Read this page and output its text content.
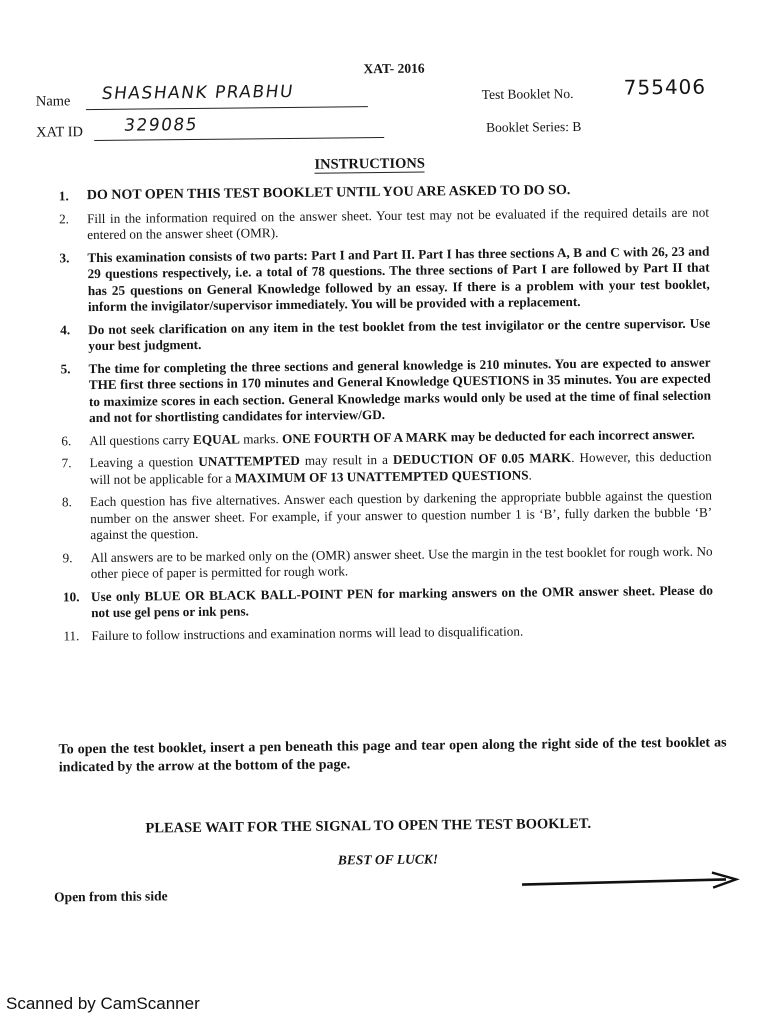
XAT- 2016
Name SHASHANK PRABHU
XAT ID 329085
Test Booklet No.	755406
Booklet Series: B
INSTRUCTIONS
1.	DO NOT OPEN THIS TEST BOOKLET UNTIL YOU ARE ASKED TO DO SO.
2.	Fill in the information required on the answer sheet. Your test may not be evaluated if the required details are not entered on the answer sheet (OMR).
3.	This examination consists of two parts: Part I and Part II. Part I has three sections A, B and C with 26, 23 and 29 questions respectively, i.e. a total of 78 questions. The three sections of Part I are followed by Part II that has 25 questions on General Knowledge followed by an essay. If there is a problem with your test booklet, inform the invigilator/supervisor immediately. You will be provided with a replacement.
4.	Do not seek clarification on any item in the test booklet from the test invigilator or the centre supervisor. Use your best judgment.
5.	The time for completing the three sections and general knowledge is 210 minutes. You are expected to answer THE first three sections in 170 minutes and General Knowledge QUESTIONS in 35 minutes. You are expected to maximize scores in each section. General Knowledge marks would only be used at the time of final selection and not for shortlisting candidates for interview/GD.
6.	All questions carry EQUAL marks. ONE FOURTH OF A MARK may be deducted for each incorrect answer.
7.	Leaving a question UNATTEMPTED may result in a DEDUCTION OF 0.05 MARK. However, this deduction will not be applicable for a MAXIMUM OF 13 UNATTEMPTED QUESTIONS.
8.	Each question has five alternatives. Answer each question by darkening the appropriate bubble against the question number on the answer sheet. For example, if your answer to question number 1 is ‘B’, fully darken the bubble ‘B’ against the question.
9.	All answers are to be marked only on the (OMR) answer sheet. Use the margin in the test booklet for rough work. No other piece of paper is permitted for rough work.
10. Use only BLUE OR BLACK BALL-POINT PEN for marking answers on the OMR answer sheet. Please do not use gel pens or ink pens.
11. Failure to follow instructions and examination norms will lead to disqualification.
To open the test booklet, insert a pen beneath this page and tear open along the right side of the test booklet as indicated by the arrow at the bottom of the page.
PLEASE WAIT FOR THE SIGNAL TO OPEN THE TEST BOOKLET.
BEST OF LUCK!
Open from this side
Scanned by CamScanner
